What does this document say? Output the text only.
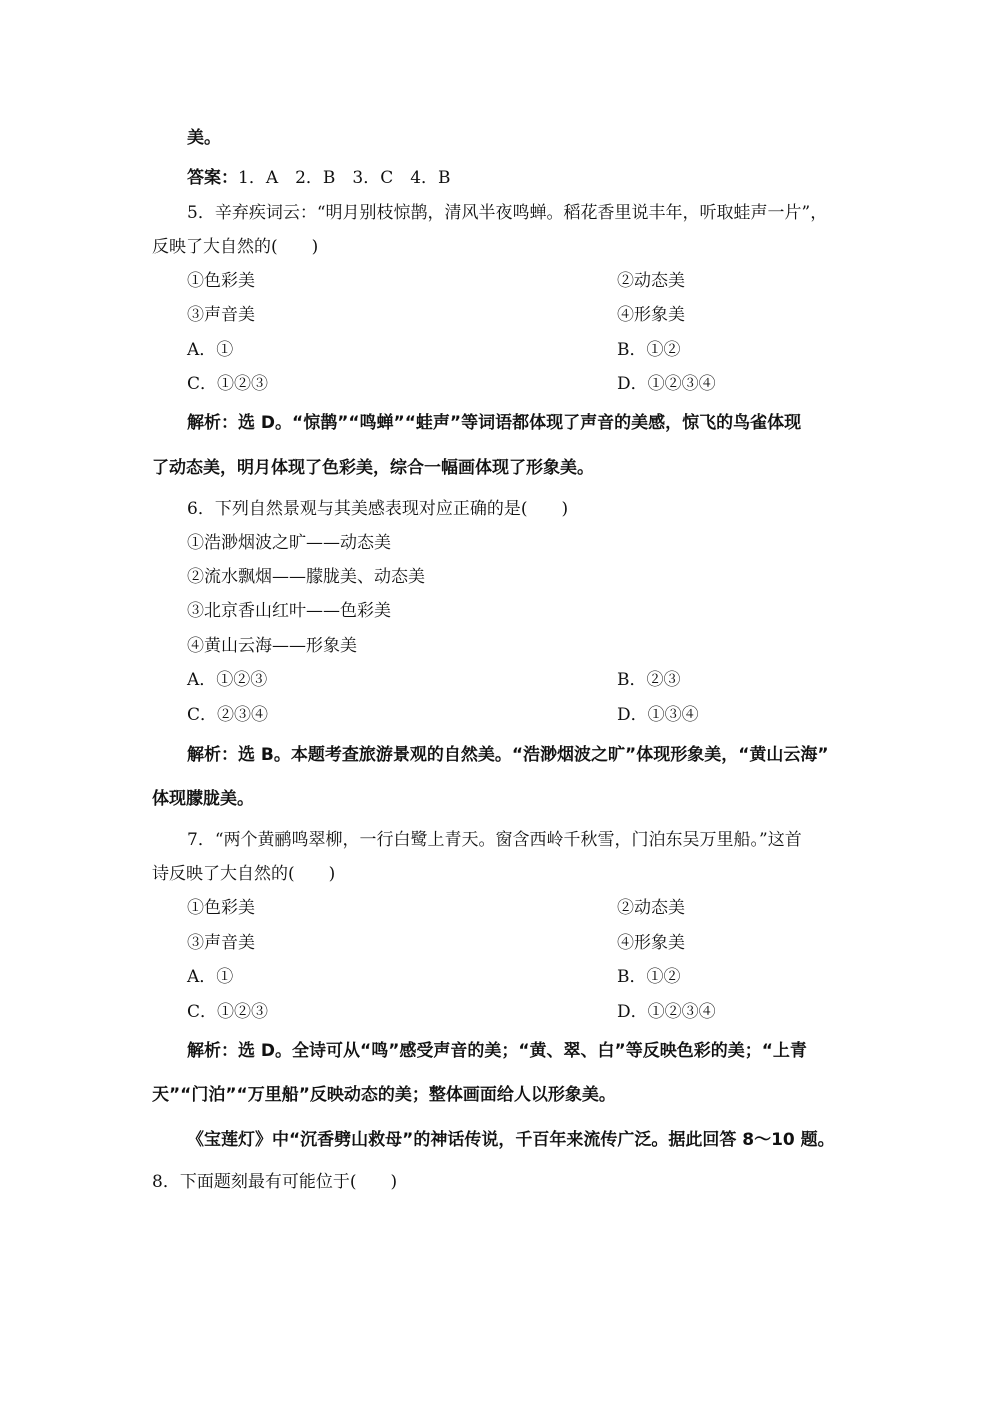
美。
答案：1．A　2．B　3．C　4．B
5．辛弃疾词云：“明月别枝惊鹊，清风半夜鸣蝉。稻花香里说丰年，听取蛙声一片”，
反映了大自然的(　　)
①色彩美	②动态美
③声音美	④形象美
A．①	B．①②
C．①②③	D．①②③④
解析：选 D。“惊鹊”“鸣蝉”“蛙声”等词语都体现了声音的美感，惊飞的鸟雀体现
了动态美，明月体现了色彩美，综合一幅画体现了形象美。
6．下列自然景观与其美感表现对应正确的是(　　)
①浩渺烟波之旷——动态美
②流水飘烟——朦胧美、动态美
③北京香山红叶——色彩美
④黄山云海——形象美
A．①②③	B．②③
C．②③④	D．①③④
解析：选 B。本题考查旅游景观的自然美。“浩渺烟波之旷”体现形象美，“黄山云海”
体现朦胧美。
7．“两个黄鹂鸣翠柳，一行白鹭上青天。窗含西岭千秋雪，门泊东吴万里船。”这首
诗反映了大自然的(　　)
①色彩美	②动态美
③声音美	④形象美
A．①	B．①②
C．①②③	D．①②③④
解析：选 D。全诗可从“鸣”感受声音的美；“黄、翠、白”等反映色彩的美；“上青
天”“门泊”“万里船”反映动态的美；整体画面给人以形象美。
《宝莲灯》中“沉香劈山救母”的神话传说，千百年来流传广泛。据此回答 8～10 题。
8．下面题刻最有可能位于(　　)
